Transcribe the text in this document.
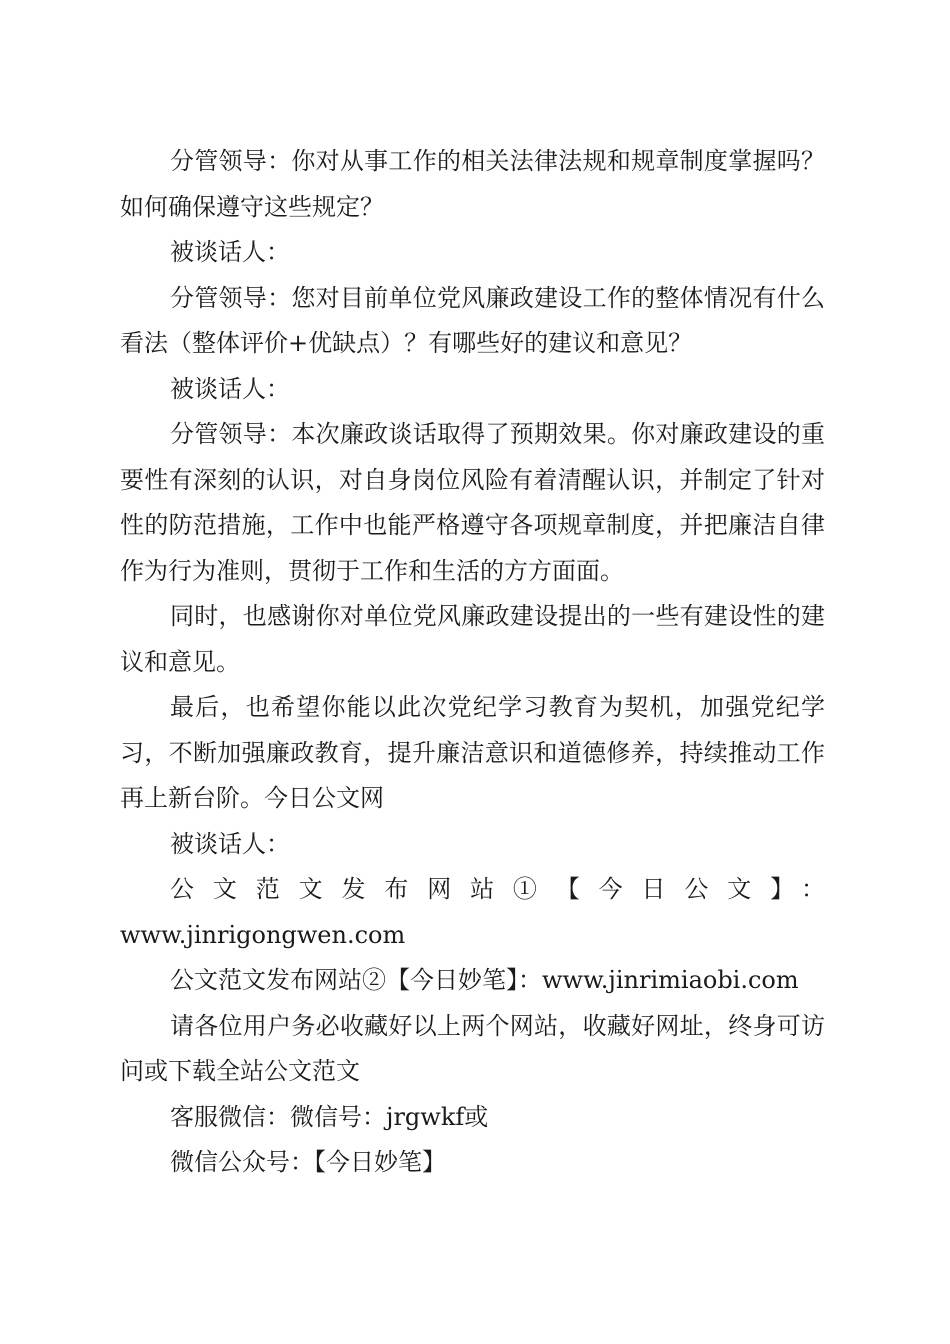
分管领导：你对从事工作的相关法律法规和规章制度掌握吗？如何确保遵守这些规定？

被谈话人：

分管领导：您对目前单位党风廉政建设工作的整体情况有什么看法（整体评价+优缺点）？有哪些好的建议和意见？

被谈话人：

分管领导：本次廉政谈话取得了预期效果。你对廉政建设的重要性有深刻的认识，对自身岗位风险有着清醒认识，并制定了针对性的防范措施，工作中也能严格遵守各项规章制度，并把廉洁自律作为行为准则，贯彻于工作和生活的方方面面。

同时，也感谢你对单位党风廉政建设提出的一些有建设性的建议和意见。

最后，也希望你能以此次党纪学习教育为契机，加强党纪学习，不断加强廉政教育，提升廉洁意识和道德修养，持续推动工作再上新台阶。今日公文网

被谈话人：

公文范文发布网站①【今日公文】：

www.jinrigongwen.com

公文范文发布网站②【今日妙笔】：www.jinrimiaobi.com

请各位用户务必收藏好以上两个网站，收藏好网址，终身可访问或下载全站公文范文

客服微信：微信号：jrgwkf或

微信公众号：【今日妙笔】
